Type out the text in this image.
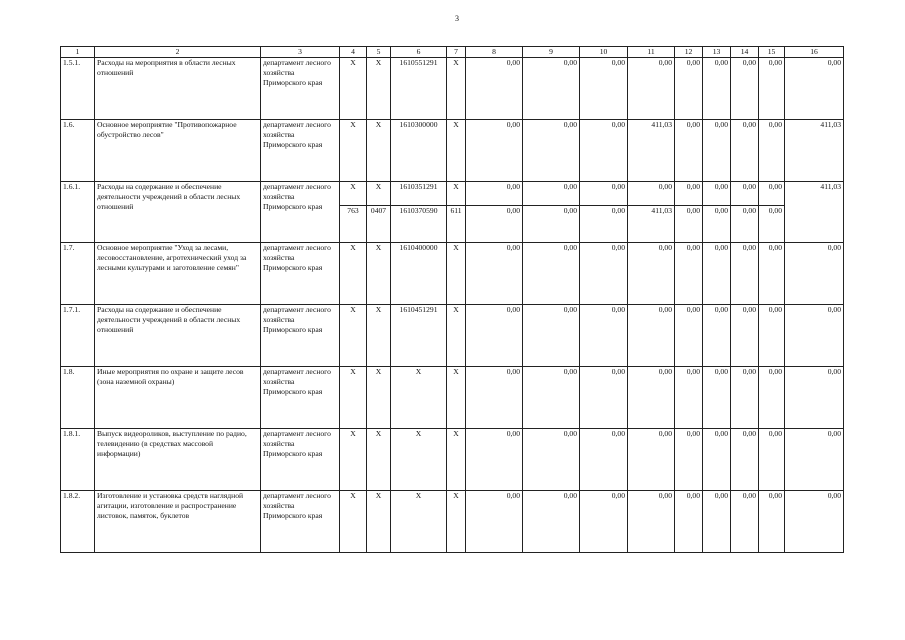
3
1	2	3	4	5	6	7	8	9	10	11	12	13	14	15	16
1.5.1.	Расходы на мероприятия в области лесных отношений	департамент лесного хозяйства Приморского края	X	X	1610551291	X	0,00	0,00	0,00	0,00	0,00	0,00	0,00	0,00	0,00
1.6.	Основное мероприятие "Противопожарное обустройство лесов"	департамент лесного хозяйства Приморского края	X	X	1610300000	X	0,00	0,00	0,00	411,03	0,00	0,00	0,00	0,00	411,03
1.6.1.	Расходы на содержание и обеспечение деятельности учреждений в области лесных отношений	департамент лесного хозяйства Приморского края	X	X	1610351291	X	0,00	0,00	0,00	0,00	0,00	0,00	0,00	0,00	411,03
			763	0407	1610370590	611	0,00	0,00	0,00	411,03	0,00	0,00	0,00	0,00	
1.7.	Основное мероприятие "Уход за лесами, лесовосстановление, агротехнический уход за лесными культурами и заготовление семян"	департамент лесного хозяйства Приморского края	X	X	1610400000	X	0,00	0,00	0,00	0,00	0,00	0,00	0,00	0,00	0,00
1.7.1.	Расходы на содержание и обеспечение деятельности учреждений в области лесных отношений	департамент лесного хозяйства Приморского края	X	X	1610451291	X	0,00	0,00	0,00	0,00	0,00	0,00	0,00	0,00	0,00
1.8.	Иные мероприятия по охране и защите лесов (зона наземной охраны)	департамент лесного хозяйства Приморского края	X	X	X	X	0,00	0,00	0,00	0,00	0,00	0,00	0,00	0,00	0,00
1.8.1.	Выпуск видеороликов, выступление по радио, телевидению (в средствах массовой информации)	департамент лесного хозяйства Приморского края	X	X	X	X	0,00	0,00	0,00	0,00	0,00	0,00	0,00	0,00	0,00
1.8.2.	Изготовление и установка средств наглядной агитации, изготовление и распространение листовок, памяток, буклетов	департамент лесного хозяйства Приморского края	X	X	X	X	0,00	0,00	0,00	0,00	0,00	0,00	0,00	0,00	0,00
